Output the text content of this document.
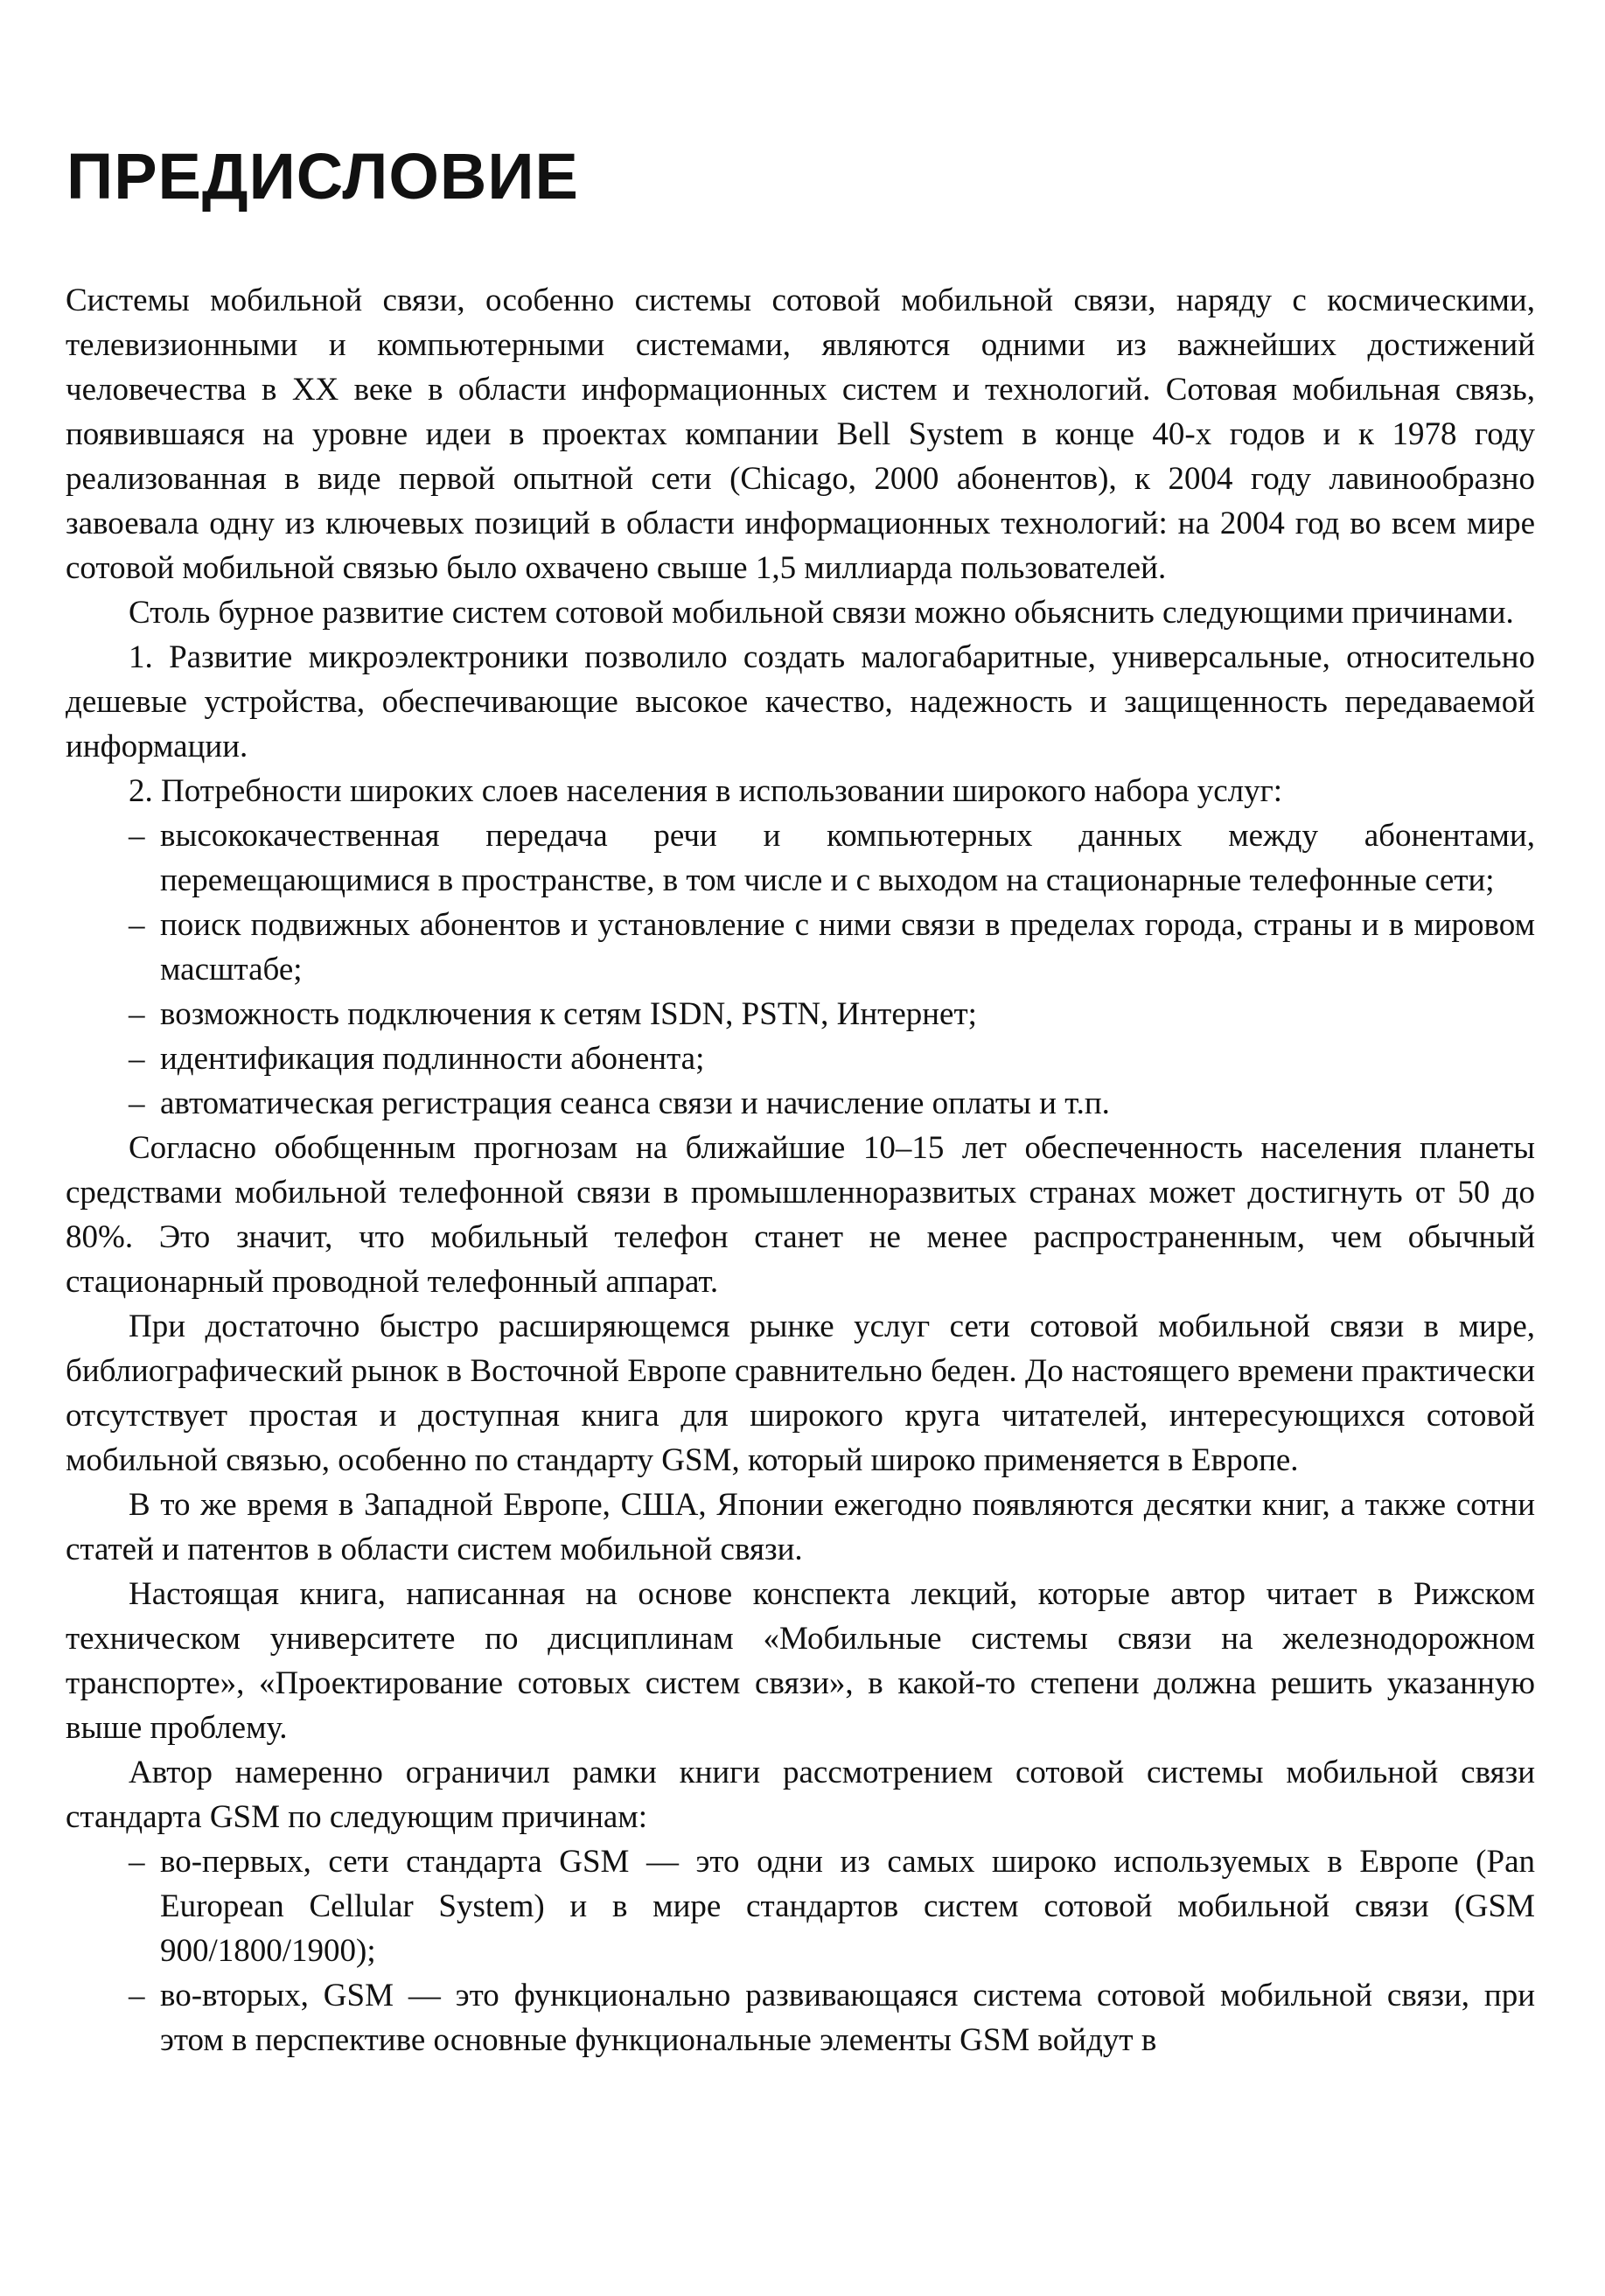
ПРЕДИСЛОВИЕ

Системы мобильной связи, особенно системы сотовой мобильной связи, наряду с космическими, телевизионными и компьютерными системами, являются одними из важнейших достижений человечества в ХХ веке в области информационных систем и технологий. Сотовая мобильная связь, появившаяся на уровне идеи в проектах компании Bell System в конце 40-х годов и к 1978 году реализованная в виде первой опытной сети (Chicago, 2000 абонентов), к 2004 году лавинообразно завоевала одну из ключевых позиций в области информационных технологий: на 2004 год во всем мире сотовой мобильной связью было охвачено свыше 1,5 миллиарда пользователей.

Столь бурное развитие систем сотовой мобильной связи можно обьяснить следующими причинами.

1. Развитие микроэлектроники позволило создать малогабаритные, универсальные, относительно дешевые устройства, обеспечивающие высокое качество, надежность и защищенность передаваемой информации.

2. Потребности широких слоев населения в использовании широкого набора услуг:

– высококачественная передача речи и компьютерных данных между абонентами, перемещающимися в пространстве, в том числе и с выходом на стационарные телефонные сети;
– поиск подвижных абонентов и установление с ними связи в пределах города, страны и в мировом масштабе;
– возможность подключения к сетям ISDN, PSTN, Интернет;
– идентификация подлинности абонента;
– автоматическая регистрация сеанса связи и начисление оплаты и т.п.

Согласно обобщенным прогнозам на ближайшие 10–15 лет обеспеченность населения планеты средствами мобильной телефонной связи в промышленноразвитых странах может достигнуть от 50 до 80%. Это значит, что мобильный телефон станет не менее распространенным, чем обычный стационарный проводной телефонный аппарат.

При достаточно быстро расширяющемся рынке услуг сети сотовой мобильной связи в мире, библиографический рынок в Восточной Европе сравнительно беден. До настоящего времени практически отсутствует простая и доступная книга для широкого круга читателей, интересующихся сотовой мобильной связью, особенно по стандарту GSM, который широко применяется в Европе.

В то же время в Западной Европе, США, Японии ежегодно появляются десятки книг, а также сотни статей и патентов в области систем мобильной связи.

Настоящая книга, написанная на основе конспекта лекций, которые автор читает в Рижском техническом университете по дисциплинам «Мобильные системы связи на железнодорожном транспорте», «Проектирование сотовых систем связи», в какой-то степени должна решить указанную выше проблему.

Автор намеренно ограничил рамки книги рассмотрением сотовой системы мобильной связи стандарта GSM по следующим причинам:

– во-первых, сети стандарта GSM — это одни из самых широко используемых в Европе (Pan European Cellular System) и в мире стандартов систем сотовой мобильной связи (GSM 900/1800/1900);
– во-вторых, GSM — это функционально развивающаяся система сотовой мобильной связи, при этом в перспективе основные функциональные элементы GSM войдут в
